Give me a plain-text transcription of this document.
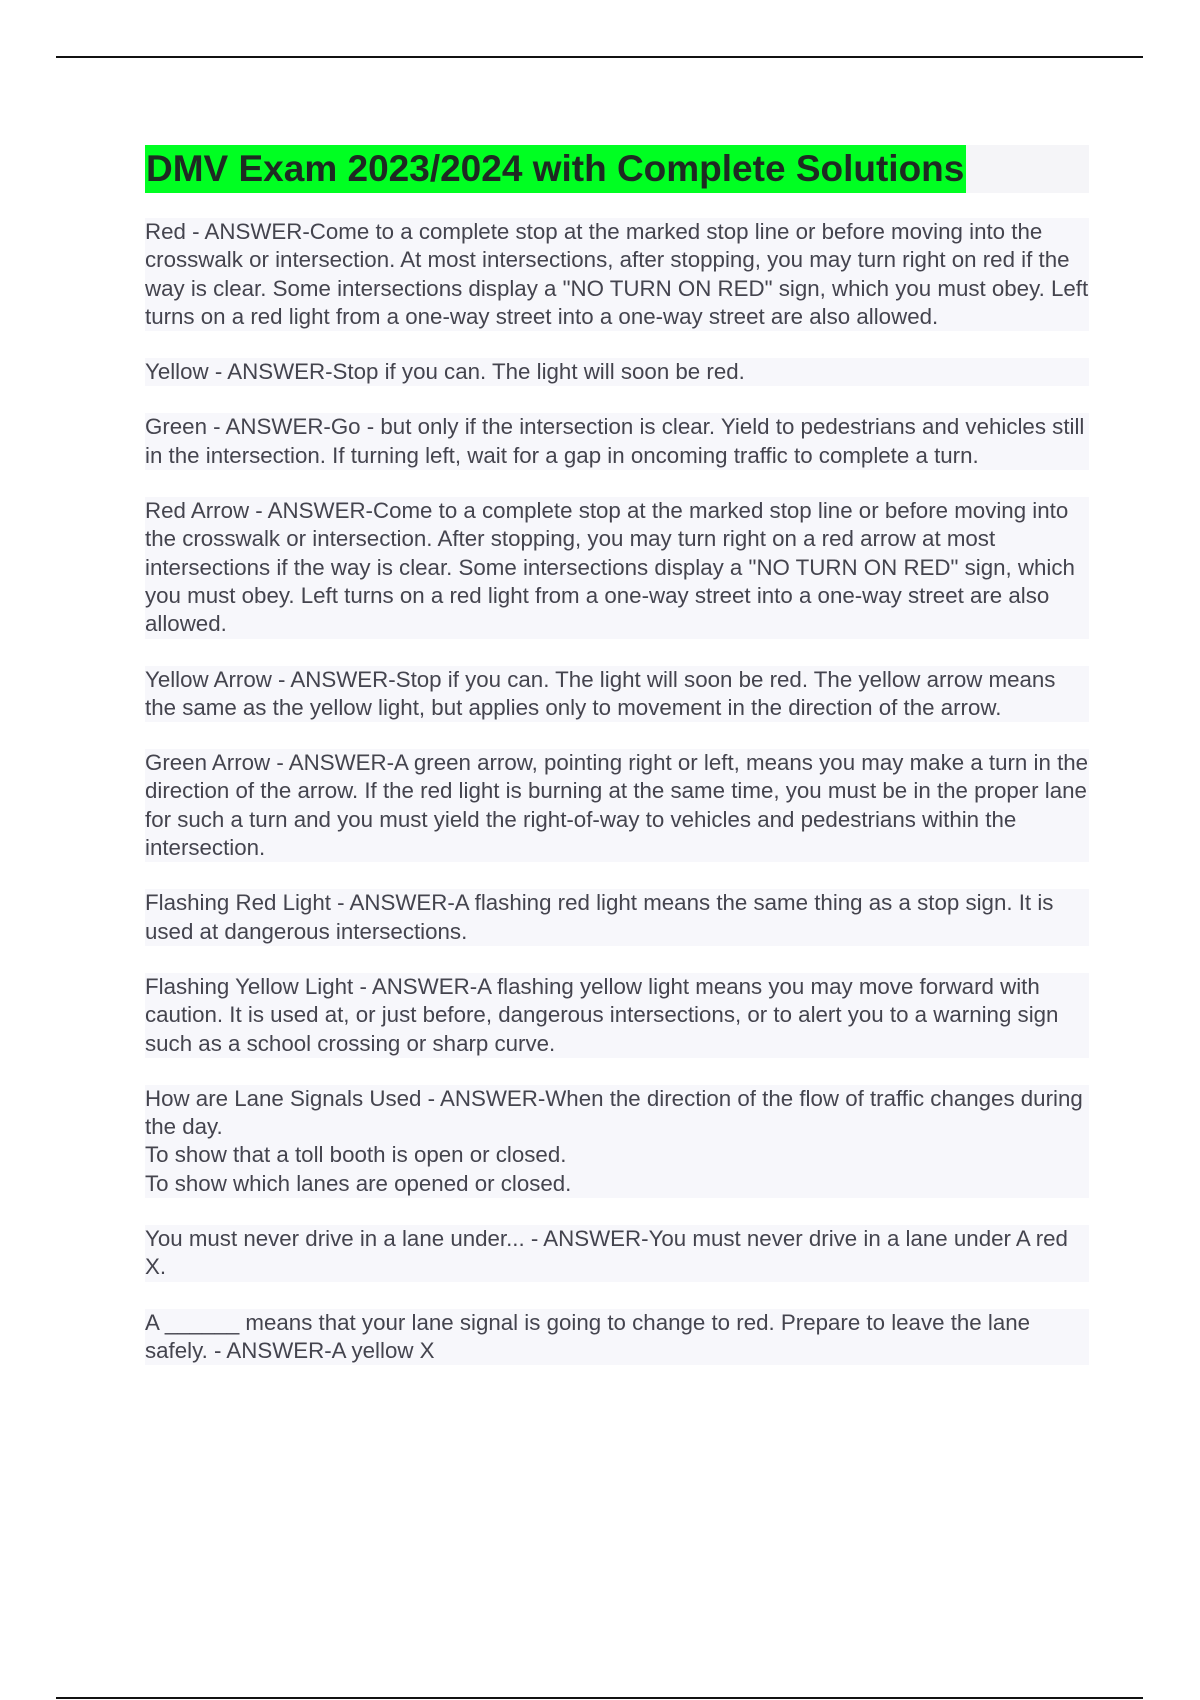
DMV Exam 2023/2024 with Complete Solutions

Red - ANSWER-Come to a complete stop at the marked stop line or before moving into the crosswalk or intersection. At most intersections, after stopping, you may turn right on red if the way is clear. Some intersections display a "NO TURN ON RED" sign, which you must obey. Left turns on a red light from a one-way street into a one-way street are also allowed.

Yellow - ANSWER-Stop if you can. The light will soon be red.

Green - ANSWER-Go - but only if the intersection is clear. Yield to pedestrians and vehicles still in the intersection. If turning left, wait for a gap in oncoming traffic to complete a turn.

Red Arrow - ANSWER-Come to a complete stop at the marked stop line or before moving into the crosswalk or intersection. After stopping, you may turn right on a red arrow at most intersections if the way is clear. Some intersections display a "NO TURN ON RED" sign, which you must obey. Left turns on a red light from a one-way street into a one-way street are also allowed.

Yellow Arrow - ANSWER-Stop if you can. The light will soon be red. The yellow arrow means the same as the yellow light, but applies only to movement in the direction of the arrow.

Green Arrow - ANSWER-A green arrow, pointing right or left, means you may make a turn in the direction of the arrow. If the red light is burning at the same time, you must be in the proper lane for such a turn and you must yield the right-of-way to vehicles and pedestrians within the intersection.

Flashing Red Light - ANSWER-A flashing red light means the same thing as a stop sign. It is used at dangerous intersections.

Flashing Yellow Light - ANSWER-A flashing yellow light means you may move forward with caution. It is used at, or just before, dangerous intersections, or to alert you to a warning sign such as a school crossing or sharp curve.

How are Lane Signals Used - ANSWER-When the direction of the flow of traffic changes during the day.
To show that a toll booth is open or closed.
To show which lanes are opened or closed.

You must never drive in a lane under... - ANSWER-You must never drive in a lane under A red X.

A ______ means that your lane signal is going to change to red. Prepare to leave the lane safely. - ANSWER-A yellow X
